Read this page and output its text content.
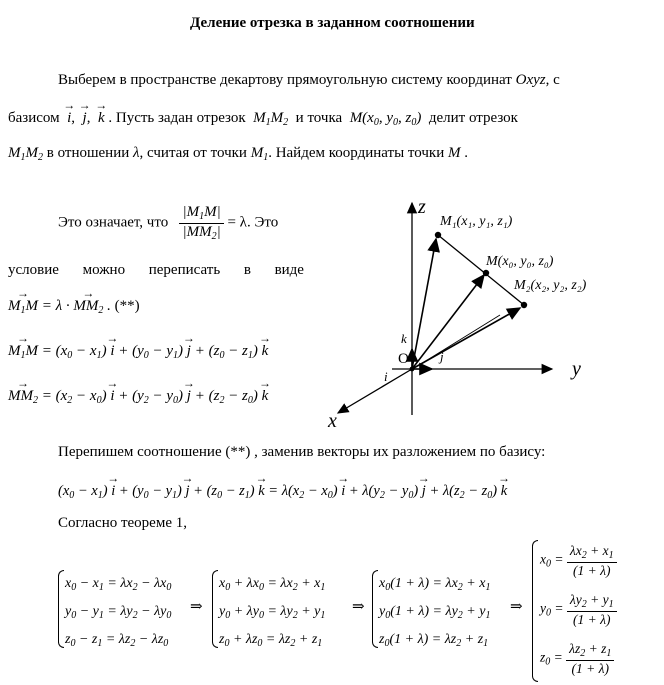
Деление отрезка в заданном соотношении
Выберем в пространстве декартову прямоугольную систему координат Oxyz, с
базисом  → i,  → j,  → k . Пусть задан отрезок $M_1M_2$ и точка $M(x_0$, $y_0$, $z_0$) делит отрезок
$M_1M_2$ в отношении λ, считая от точки $M_1$. Найдем координаты точки M .
Это означает, что $\frac{|M_1M|}{|MM_2|} = \lambda$. Это
условие можно переписать в виде
→ $M_1M = \lambda$ · → $MM_2$ . (**)
→ $M_1M = (x_0 - x_1) \to i + (y_0 - y_1) \to j + (z_0 - z_1) \to k$
→ $MM_2 = (x_2 - x_0) \to i + (y_2 - y_0) \to j + (z_2 - z_0) \to k$
z
y
x
O
k
j
i
M₁(x₁, y₁, z₁)
M(x₀, y₀, z₀)
M₂(x₂, y₂, z₂)
Перепишем соотношение (**) , заменив векторы их разложением по базису:
$(x_0 - x_1) \to i + (y_0 - y_1) \to j + (z_0 - z_1) \to k = \lambda(x_2 - x_0) \to i + \lambda(y_2 - y_0) \to j + \lambda(z_2 - z_0) \to k$
Согласно теореме 1,
$x_0 - x_1 = \lambda x_2 - \lambda x_0$
$y_0 - y_1 = \lambda y_2 - \lambda y_0$
$z_0 - z_1 = \lambda z_2 - \lambda z_0$
⇒
$x_0 + \lambda x_0 = \lambda x_2 + x_1$
$y_0 + \lambda y_0 = \lambda y_2 + y_1$
$z_0 + \lambda z_0 = \lambda z_2 + z_1$
⇒
$x_0(1 + \lambda) = \lambda x_2 + x_1$
$y_0(1 + \lambda) = \lambda y_2 + y_1$
$z_0(1 + \lambda) = \lambda z_2 + z_1$
⇒
$x_0 = \frac{\lambda x_2 + x_1}{(1 + \lambda)}$
$y_0 = \frac{\lambda y_2 + y_1}{(1 + \lambda)}$
$z_0 = \frac{\lambda z_2 + z_1}{(1 + \lambda)}$
